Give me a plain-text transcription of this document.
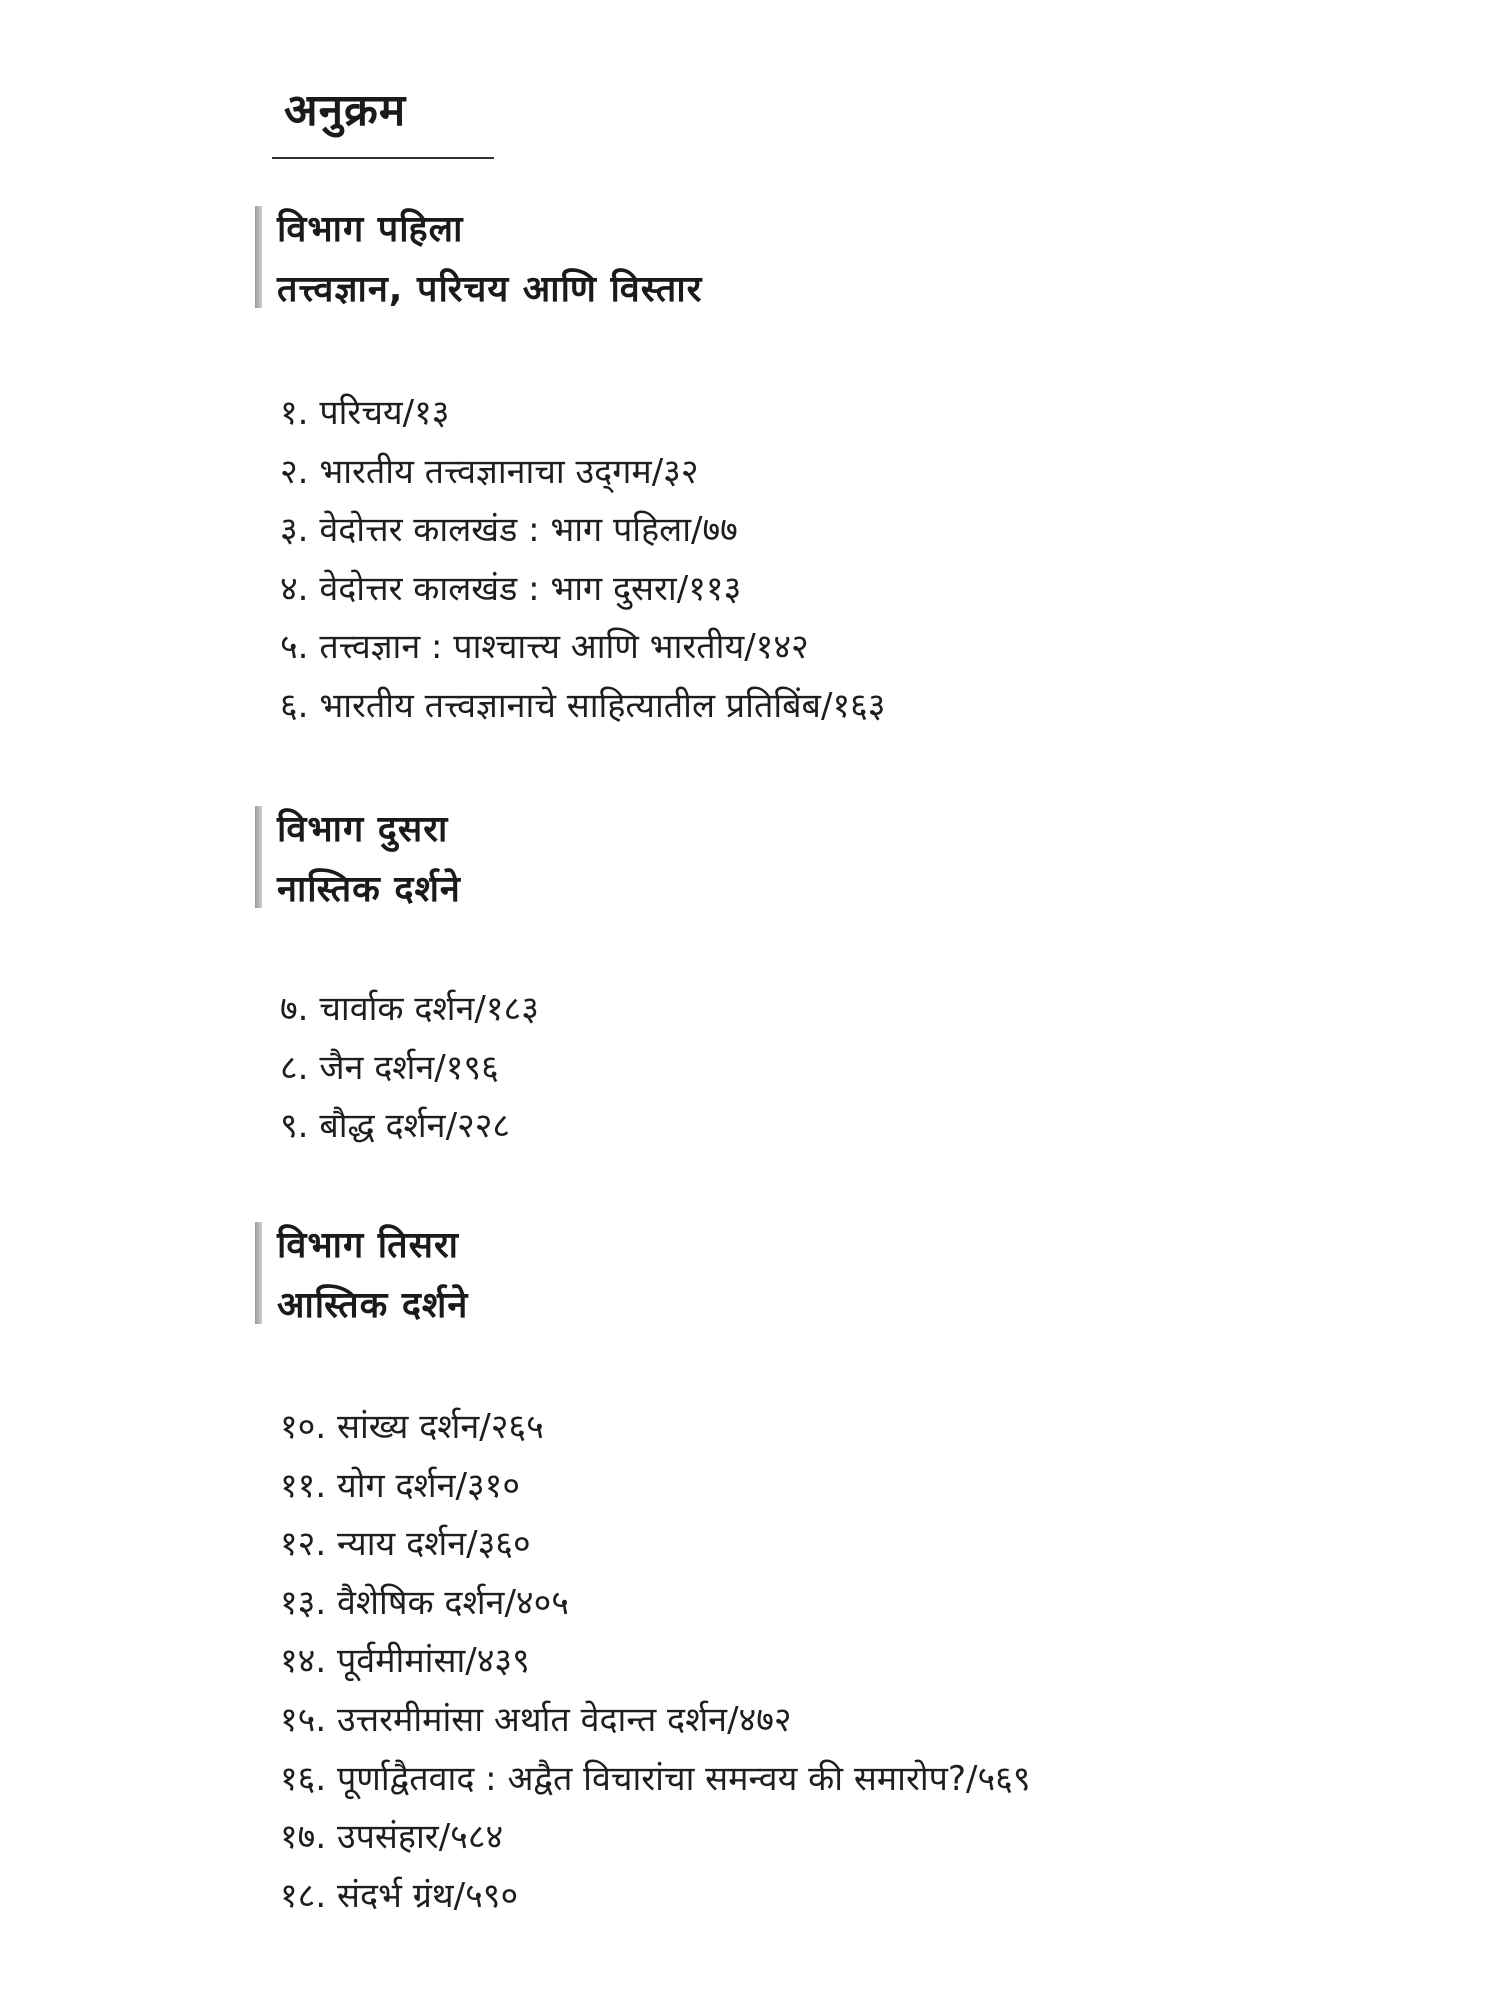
अनुक्रम
विभाग पहिला
तत्त्वज्ञान, परिचय आणि विस्तार
१. परिचय/१३
२. भारतीय तत्त्वज्ञानाचा उद्‌गम/३२
३. वेदोत्तर कालखंड : भाग पहिला/७७
४. वेदोत्तर कालखंड : भाग दुसरा/११३
५. तत्त्वज्ञान : पाश्चात्त्य आणि भारतीय/१४२
६. भारतीय तत्त्वज्ञानाचे साहित्यातील प्रतिबिंब/१६३
विभाग दुसरा
नास्तिक दर्शने
७. चार्वाक दर्शन/१८३
८. जैन दर्शन/१९६
९. बौद्ध दर्शन/२२८
विभाग तिसरा
आस्तिक दर्शने
१०. सांख्य दर्शन/२६५
११. योग दर्शन/३१०
१२. न्याय दर्शन/३६०
१३. वैशेषिक दर्शन/४०५
१४. पूर्वमीमांसा/४३९
१५. उत्तरमीमांसा अर्थात वेदान्त दर्शन/४७२
१६. पूर्णाद्वैतवाद : अद्वैत विचारांचा समन्वय की समारोप?/५६९
१७. उपसंहार/५८४
१८. संदर्भ ग्रंथ/५९०
